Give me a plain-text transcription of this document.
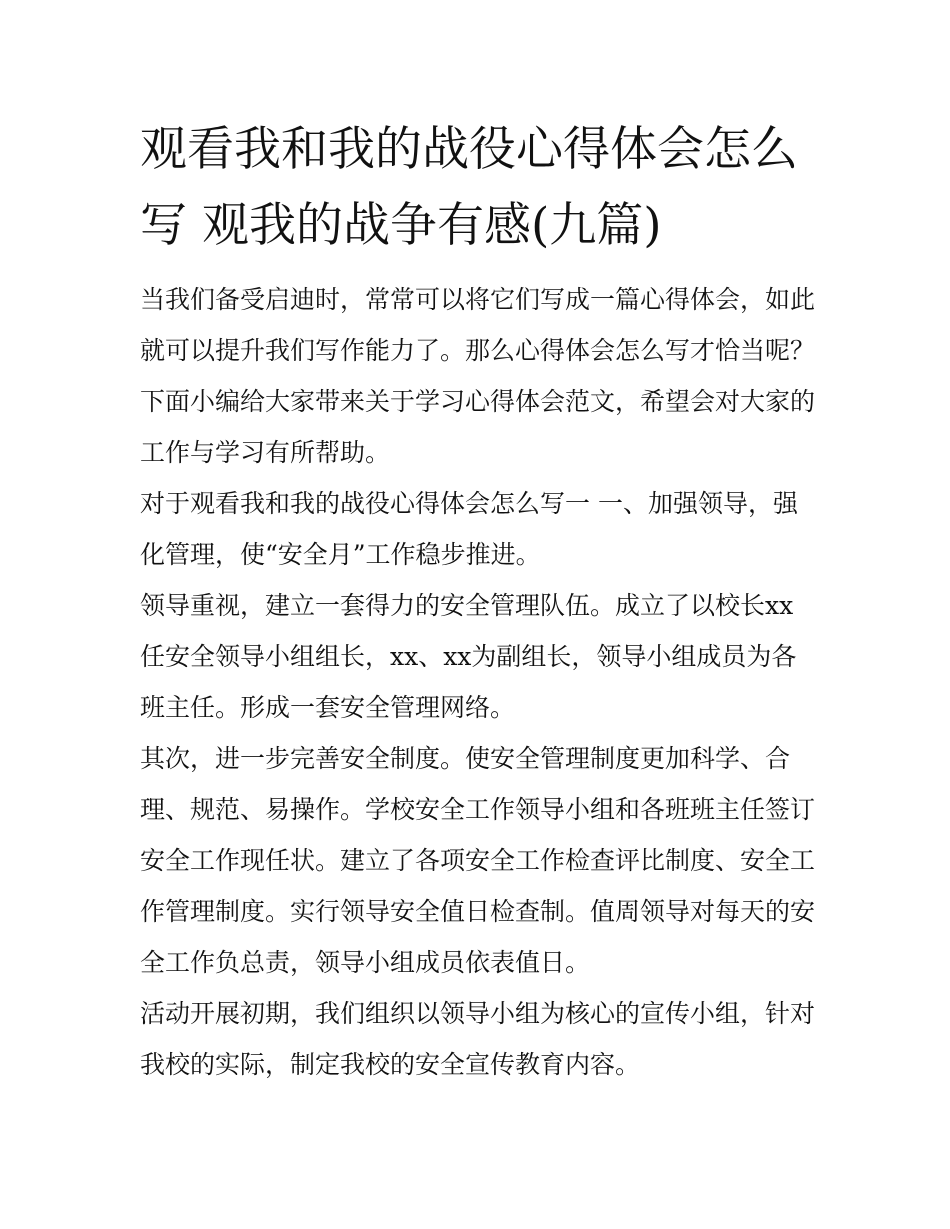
观看我和我的战役心得体会怎么写 观我的战争有感(九篇)

当我们备受启迪时，常常可以将它们写成一篇心得体会，如此就可以提升我们写作能力了。那么心得体会怎么写才恰当呢？下面小编给大家带来关于学习心得体会范文，希望会对大家的工作与学习有所帮助。

对于观看我和我的战役心得体会怎么写一 一、加强领导，强化管理，使“安全月”工作稳步推进。

领导重视，建立一套得力的安全管理队伍。成立了以校长xx任安全领导小组组长，xx、xx为副组长，领导小组成员为各班主任。形成一套安全管理网络。

其次，进一步完善安全制度。使安全管理制度更加科学、合理、规范、易操作。学校安全工作领导小组和各班班主任签订安全工作现任状。建立了各项安全工作检查评比制度、安全工作管理制度。实行领导安全值日检查制。值周领导对每天的安全工作负总责，领导小组成员依表值日。

活动开展初期，我们组织以领导小组为核心的宣传小组，针对我校的实际，制定我校的安全宣传教育内容。
